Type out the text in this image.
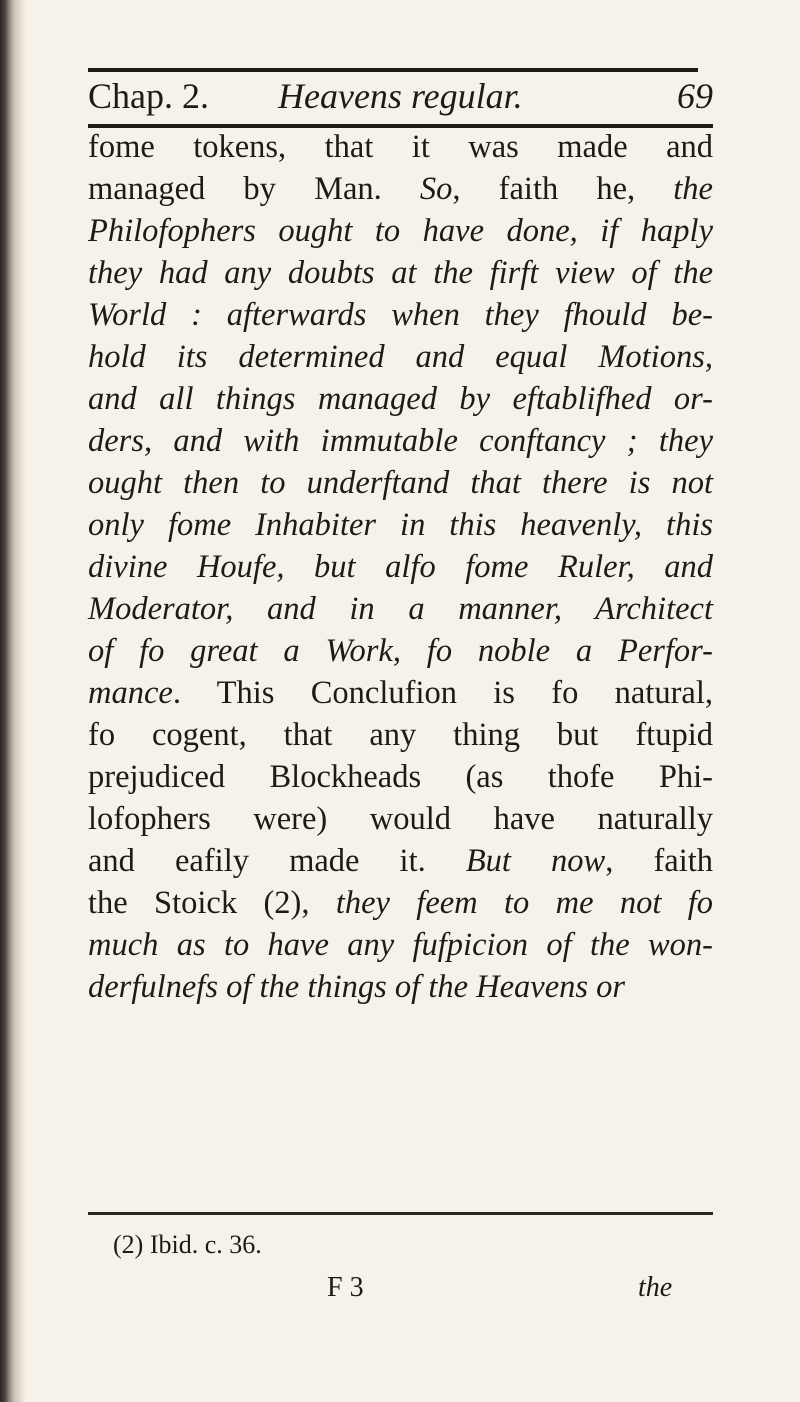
Chap. 2. Heavens regular.	69
fome tokens, that it was made and
managed by Man. So, faith he, the
Philofophers ought to have done, if haply
they had any doubts at the firft view of the
World : afterwards when they fhould be-
hold its determined and equal Motions,
and all things managed by eftablifhed or-
ders, and with immutable conftancy ; they
ought then to underftand that there is not
only fome Inhabiter in this heavenly, this
divine Houfe, but alfo fome Ruler, and
Moderator, and in a manner, Architect
of fo great a Work, fo noble a Perfor-
mance. This Conclufion is fo natural,
fo cogent, that any thing but ftupid
prejudiced Blockheads (as thofe Phi-
lofophers were) would have naturally
and eafily made it. But now, faith
the Stoick (2), they feem to me not fo
much as to have any fufpicion of the won-
derfulnefs of the things of the Heavens or
(2) Ibid. c. 36.
F 3	the
